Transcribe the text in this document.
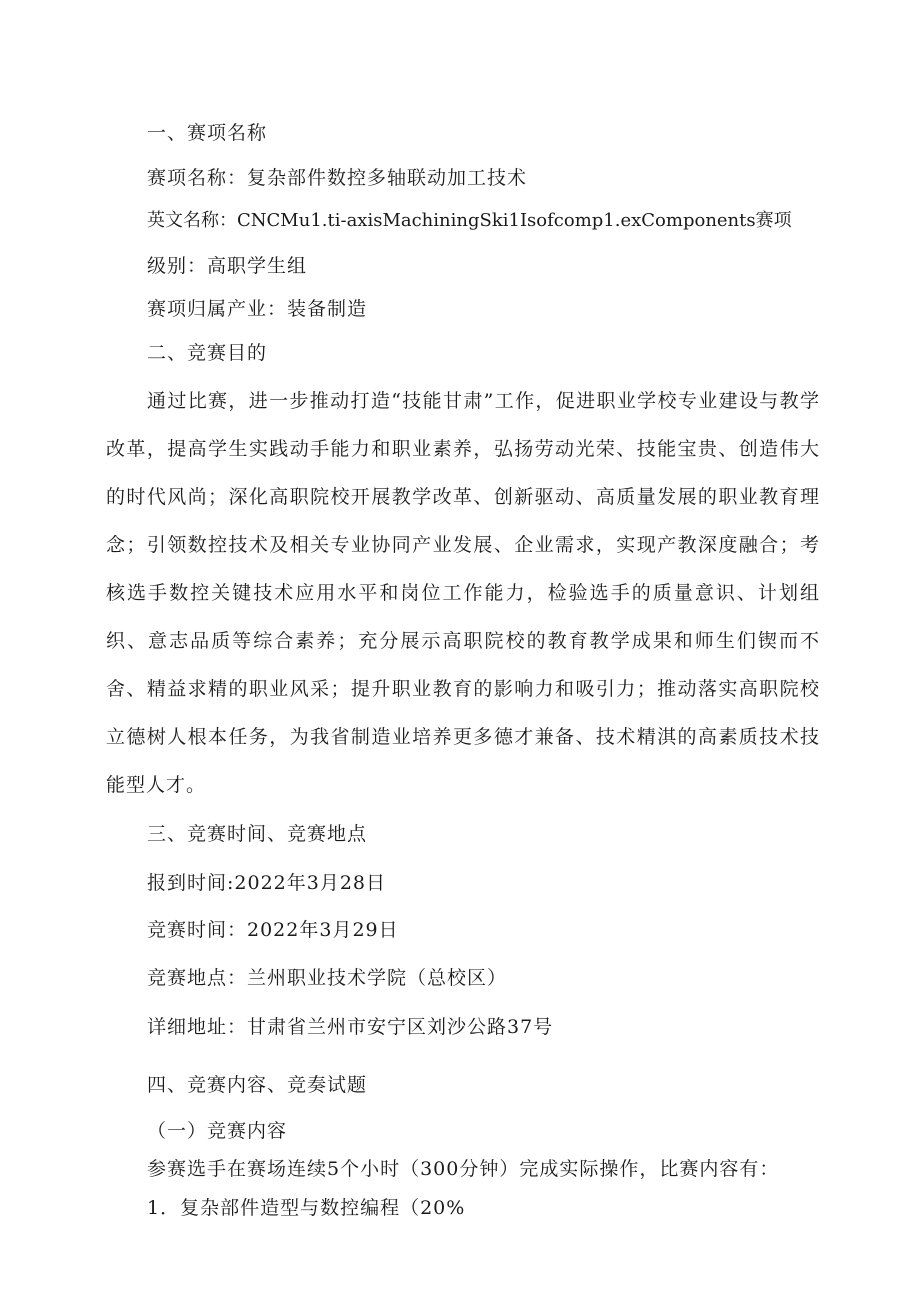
一、赛项名称
赛项名称：复杂部件数控多轴联动加工技术
英文名称：CNCMu1.ti-axisMachiningSki1Isofcomp1.exComponents赛项
级别：高职学生组
赛项归属产业：装备制造
二、竞赛目的

通过比赛，进一步推动打造“技能甘肃”工作，促进职业学校专业建设与教学改革，提高学生实践动手能力和职业素养，弘扬劳动光荣、技能宝贵、创造伟大的时代风尚；深化高职院校开展教学改革、创新驱动、高质量发展的职业教育理念；引领数控技术及相关专业协同产业发展、企业需求，实现产教深度融合；考核选手数控关键技术应用水平和岗位工作能力，检验选手的质量意识、计划组织、意志品质等综合素养；充分展示高职院校的教育教学成果和师生们锲而不舍、精益求精的职业风采；提升职业教育的影响力和吸引力；推动落实高职院校立德树人根本任务，为我省制造业培养更多德才兼备、技术精淇的高素质技术技能型人才。

三、竞赛时间、竞赛地点
报到时间:2022年3月28日
竞赛时间：2022年3月29日
竞赛地点：兰州职业技术学院（总校区）
详细地址：甘肃省兰州市安宁区刘沙公路37号
四、竞赛内容、竞奏试题
（一）竞赛内容
参赛选手在赛场连续5个小时（300分钟）完成实际操作，比赛内容有：
1．复杂部件造型与数控编程（20%
